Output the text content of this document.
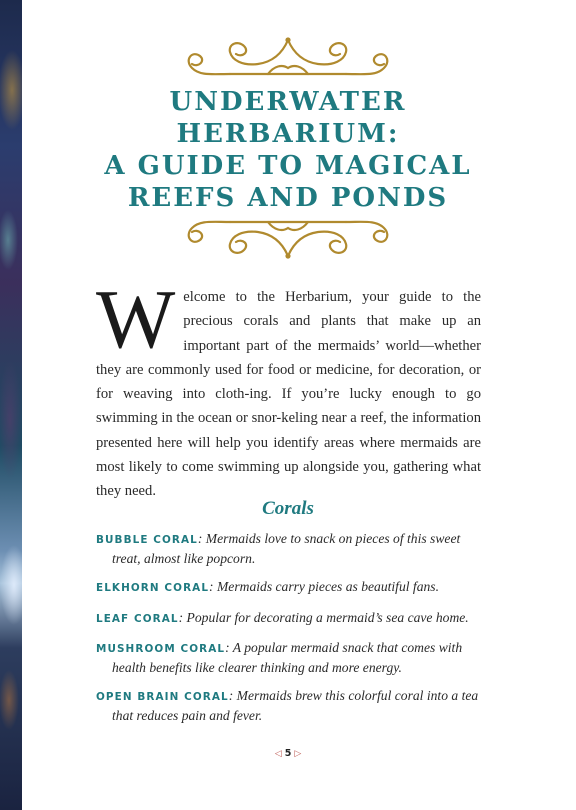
UNDERWATER
HERBARIUM:
A GUIDE TO MAGICAL
REEFS AND PONDS

Welcome to the Herbarium, your guide to the precious corals and plants that make up an important part of the mermaids’ world—whether they are commonly used for food or medicine, for decoration, or for weaving into cloth-ing. If you’re lucky enough to go swimming in the ocean or snor-keling near a reef, the information presented here will help you identify areas where mermaids are most likely to come swimming up alongside you, gathering what they need.

Corals
BUBBLE CORAL: Mermaids love to snack on pieces of this sweet treat, almost like popcorn.
ELKHORN CORAL: Mermaids carry pieces as beautiful fans.
LEAF CORAL: Popular for decorating a mermaid’s sea cave home.
MUSHROOM CORAL: A popular mermaid snack that comes with health benefits like clearer thinking and more energy.
OPEN BRAIN CORAL: Mermaids brew this colorful coral into a tea that reduces pain and fever.
◁ 5 ▷
